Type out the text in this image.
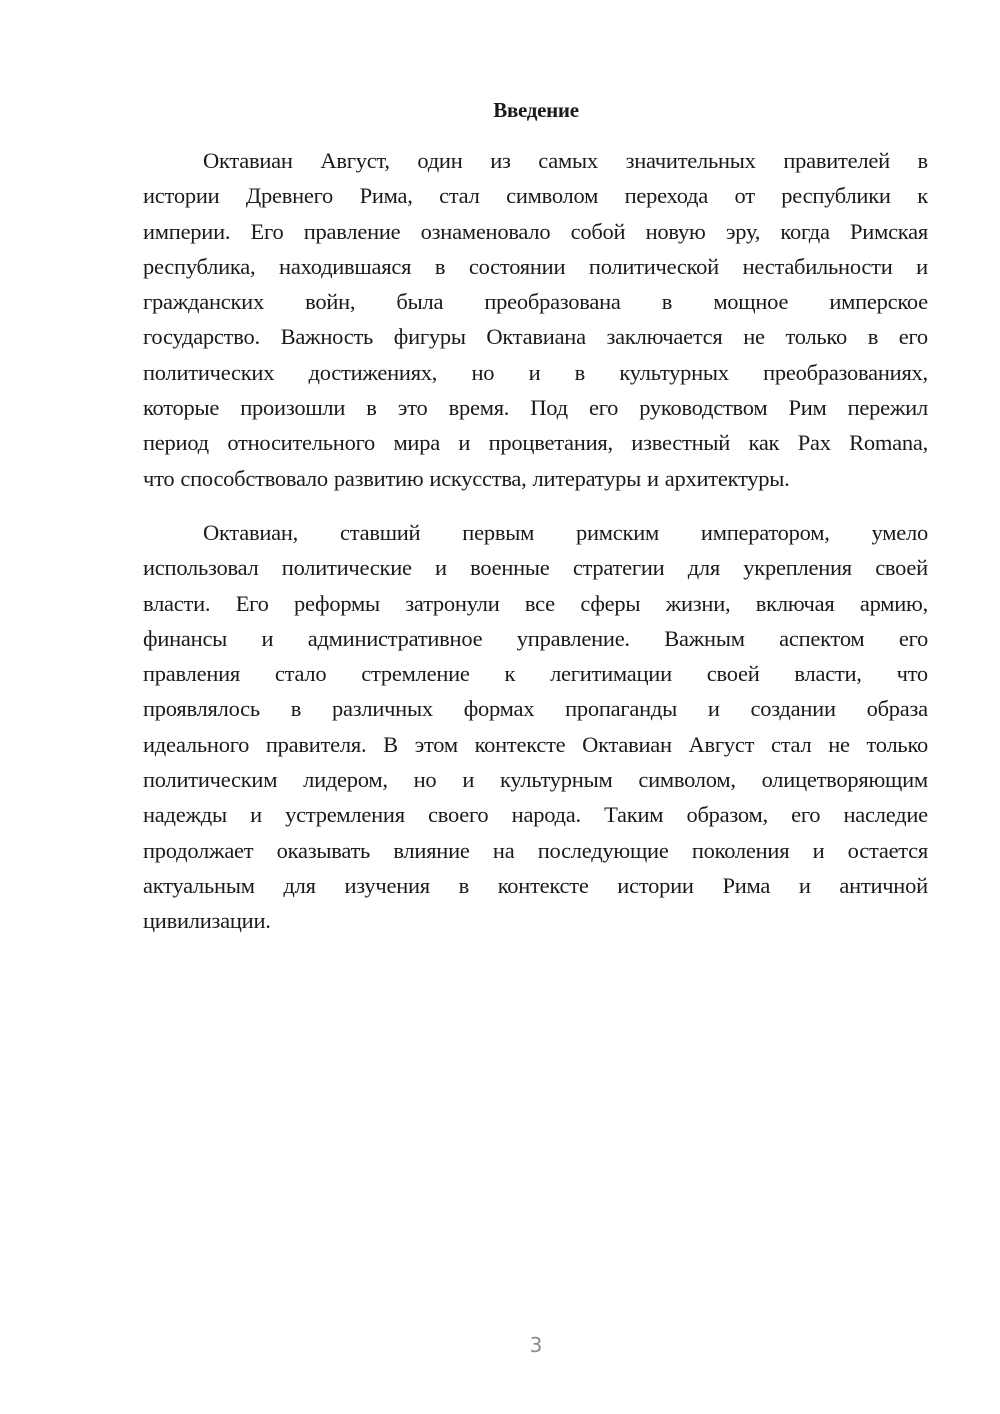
Введение
Октавиан Август, один из самых значительных правителей в
истории Древнего Рима, стал символом перехода от республики к
империи. Его правление ознаменовало собой новую эру, когда Римская
республика, находившаяся в состоянии политической нестабильности и
гражданских войн, была преобразована в мощное имперское
государство. Важность фигуры Октавиана заключается не только в его
политических достижениях, но и в культурных преобразованиях,
которые произошли в это время. Под его руководством Рим пережил
период относительного мира и процветания, известный как Pax Romana,
что способствовало развитию искусства, литературы и архитектуры.
Октавиан, ставший первым римским императором, умело
использовал политические и военные стратегии для укрепления своей
власти. Его реформы затронули все сферы жизни, включая армию,
финансы и административное управление. Важным аспектом его
правления стало стремление к легитимации своей власти, что
проявлялось в различных формах пропаганды и создании образа
идеального правителя. В этом контексте Октавиан Август стал не только
политическим лидером, но и культурным символом, олицетворяющим
надежды и устремления своего народа. Таким образом, его наследие
продолжает оказывать влияние на последующие поколения и остается
актуальным для изучения в контексте истории Рима и античной
цивилизации.
3
